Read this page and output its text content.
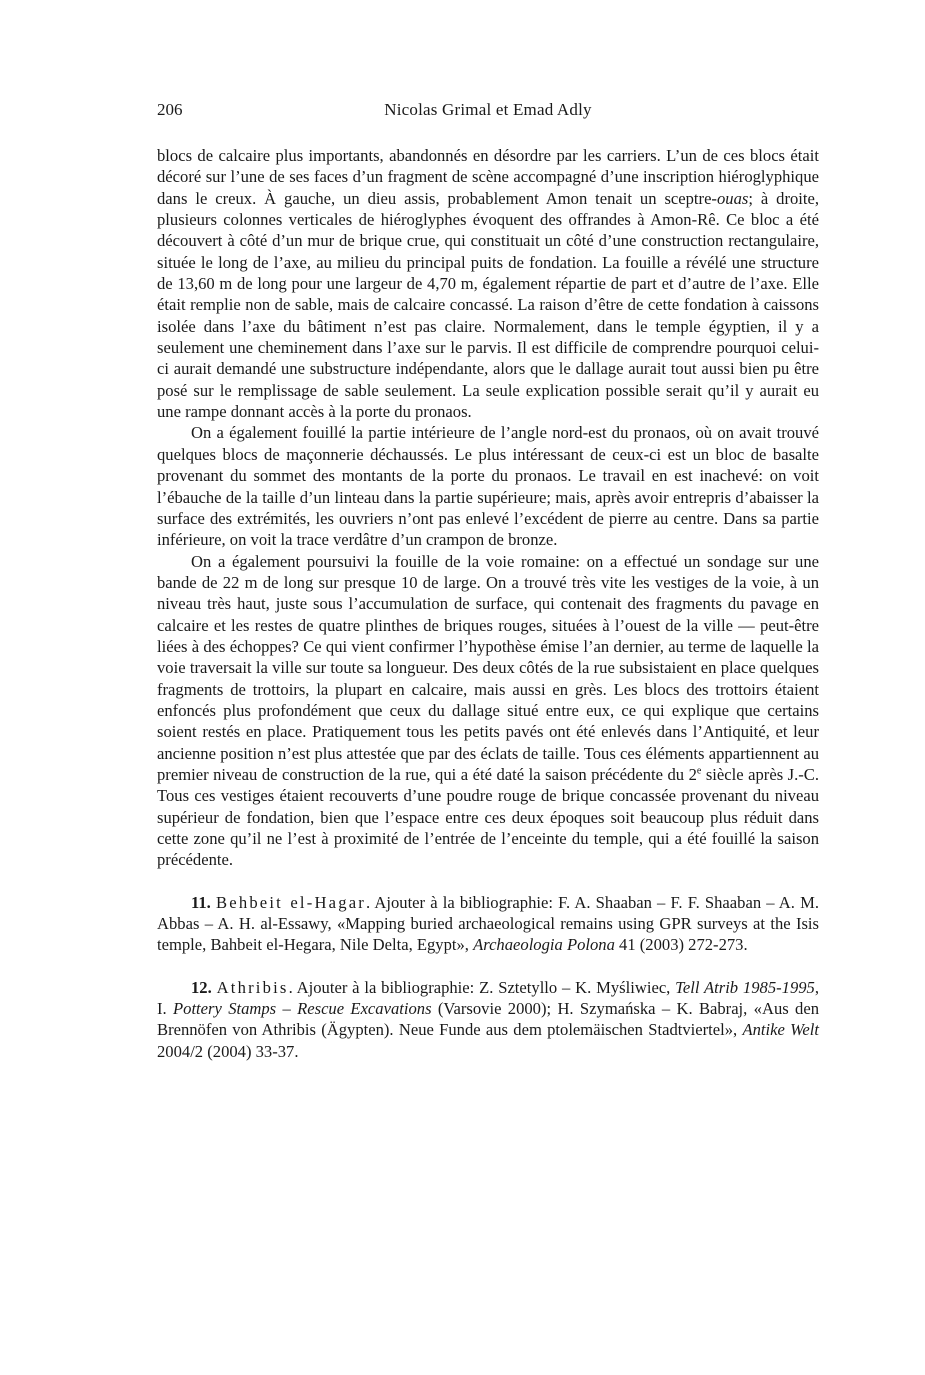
206	Nicolas Grimal et Emad Adly

blocs de calcaire plus importants, abandonnés en désordre par les carriers. L’un de ces blocs était décoré sur l’une de ses faces d’un fragment de scène accompagné d’une inscription hiéroglyphique dans le creux. À gauche, un dieu assis, probablement Amon tenait un sceptre-ouas; à droite, plusieurs colonnes verticales de hiéroglyphes évoquent des offrandes à Amon-Rê. Ce bloc a été découvert à côté d’un mur de brique crue, qui constituait un côté d’une construction rectangulaire, située le long de l’axe, au milieu du principal puits de fondation. La fouille a révélé une structure de 13,60 m de long pour une largeur de 4,70 m, également répartie de part et d’autre de l’axe. Elle était remplie non de sable, mais de calcaire concassé. La raison d’être de cette fondation à caissons isolée dans l’axe du bâtiment n’est pas claire. Normalement, dans le temple égyptien, il y a seulement une cheminement dans l’axe sur le parvis. Il est difficile de comprendre pourquoi celui-ci aurait demandé une substructure indépendante, alors que le dallage aurait tout aussi bien pu être posé sur le remplissage de sable seulement. La seule explication possible serait qu’il y aurait eu une rampe donnant accès à la porte du pronaos.

On a également fouillé la partie intérieure de l’angle nord-est du pronaos, où on avait trouvé quelques blocs de maçonnerie déchaussés. Le plus intéressant de ceux-ci est un bloc de basalte provenant du sommet des montants de la porte du pronaos. Le travail en est inachevé: on voit l’ébauche de la taille d’un linteau dans la partie supérieure; mais, après avoir entrepris d’abaisser la surface des extrémités, les ouvriers n’ont pas enlevé l’excédent de pierre au centre. Dans sa partie inférieure, on voit la trace verdâtre d’un crampon de bronze.

On a également poursuivi la fouille de la voie romaine: on a effectué un sondage sur une bande de 22 m de long sur presque 10 de large. On a trouvé très vite les vestiges de la voie, à un niveau très haut, juste sous l’accumulation de surface, qui contenait des fragments du pavage en calcaire et les restes de quatre plinthes de briques rouges, situées à l’ouest de la ville — peut-être liées à des échoppes? Ce qui vient confirmer l’hypothèse émise l’an dernier, au terme de laquelle la voie traversait la ville sur toute sa longueur. Des deux côtés de la rue subsistaient en place quelques fragments de trottoirs, la plupart en calcaire, mais aussi en grès. Les blocs des trottoirs étaient enfoncés plus profondément que ceux du dallage situé entre eux, ce qui explique que certains soient restés en place. Pratiquement tous les petits pavés ont été enlevés dans l’Antiquité, et leur ancienne position n’est plus attestée que par des éclats de taille. Tous ces éléments appartiennent au premier niveau de construction de la rue, qui a été daté la saison précédente du 2e siècle après J.-C. Tous ces vestiges étaient recouverts d’une poudre rouge de brique concassée provenant du niveau supérieur de fondation, bien que l’espace entre ces deux époques soit beaucoup plus réduit dans cette zone qu’il ne l’est à proximité de l’entrée de l’enceinte du temple, qui a été fouillé la saison précédente.

11. Behbeit el-Hagar. Ajouter à la bibliographie: F. A. Shaaban – F. F. Shaaban – A. M. Abbas – A. H. al-Essawy, «Mapping buried archaeological remains using GPR surveys at the Isis temple, Bahbeit el-Hegara, Nile Delta, Egypt», Archaeologia Polona 41 (2003) 272-273.

12. Athribis. Ajouter à la bibliographie: Z. Sztetyllo – K. Myśliwiec, Tell Atrib 1985-1995, I. Pottery Stamps – Rescue Excavations (Varsovie 2000); H. Szymańska – K. Babraj, «Aus den Brennöfen von Athribis (Ägypten). Neue Funde aus dem ptolemäischen Stadtviertel», Antike Welt 2004/2 (2004) 33-37.
